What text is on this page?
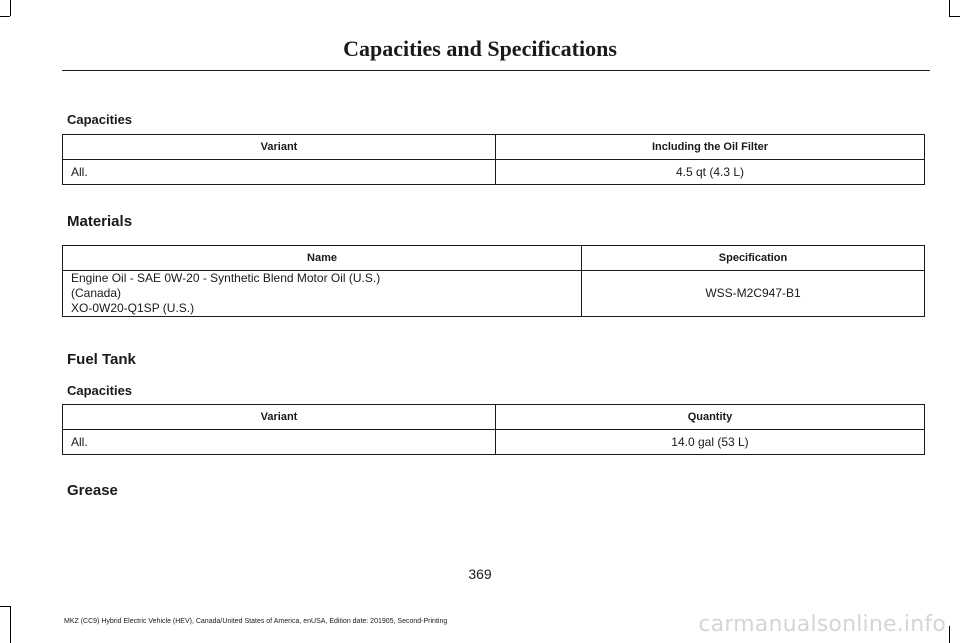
Capacities and Specifications
Capacities
Variant	Including the Oil Filter
All.	4.5 qt (4.3 L)
Materials
Name	Specification

Engine Oil - SAE 0W-20 - Synthetic Blend Motor Oil (U.S.)
(Canada)
XO-0W20-Q1SP (U.S.)	WSS-M2C947-B1
Fuel Tank
Capacities
Variant	Quantity
All.	14.0 gal (53 L)
Grease
369
MKZ (CC9) Hybrid Electric Vehicle (HEV), Canada/United States of America, enUSA, Edition date: 201905, Second-Printing	carmanualsonline.info
